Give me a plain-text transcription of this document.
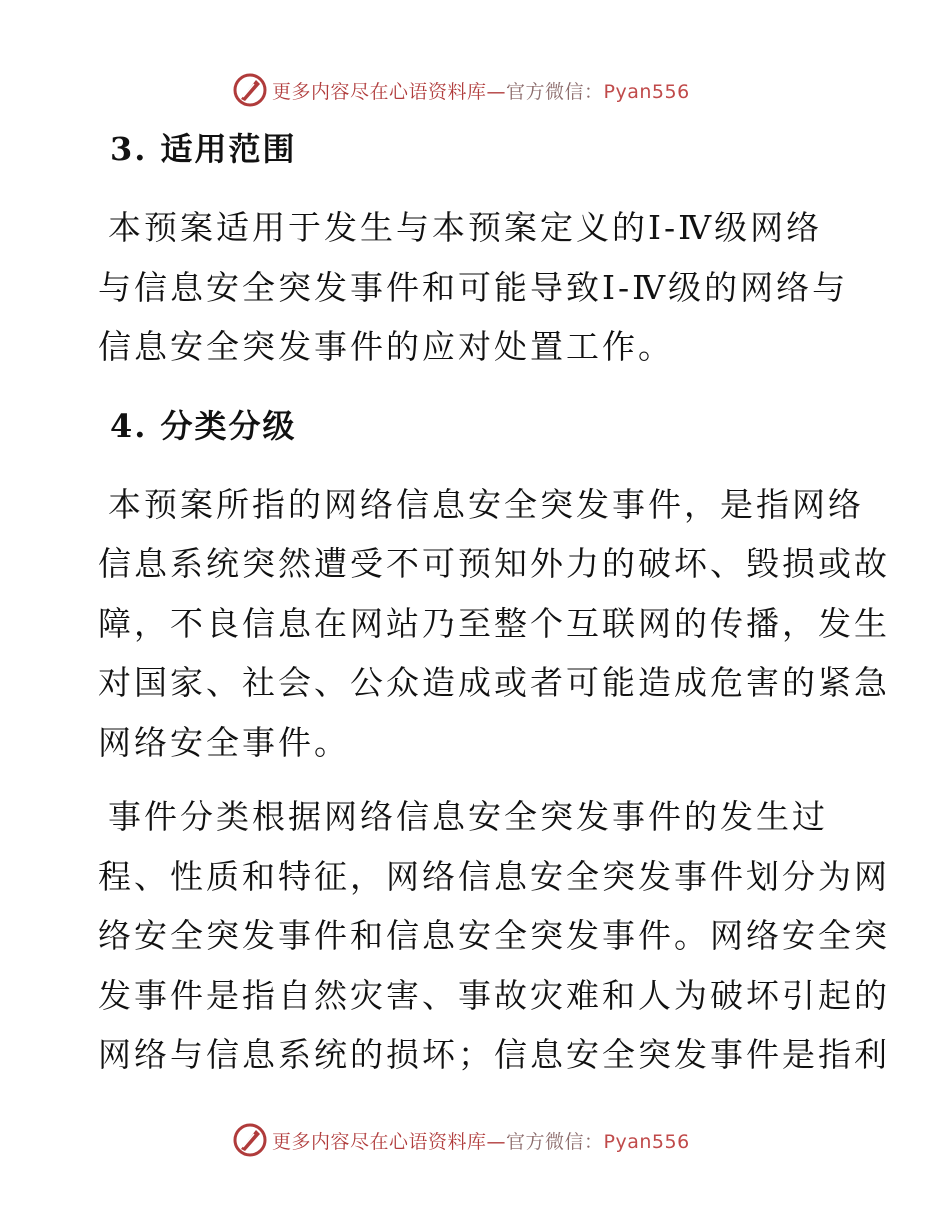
更多内容尽在心语资料库—官方微信：Pyan556
3. 适用范围

本预案适用于发生与本预案定义的Ⅰ-Ⅳ级网络
与信息安全突发事件和可能导致Ⅰ-Ⅳ级的网络与
信息安全突发事件的应对处置工作。

4. 分类分级

本预案所指的网络信息安全突发事件，是指网络
信息系统突然遭受不可预知外力的破坏、毁损或故
障，不良信息在网站乃至整个互联网的传播，发生
对国家、社会、公众造成或者可能造成危害的紧急
网络安全事件。

事件分类根据网络信息安全突发事件的发生过
程、性质和特征，网络信息安全突发事件划分为网
络安全突发事件和信息安全突发事件。网络安全突
发事件是指自然灾害、事故灾难和人为破坏引起的
网络与信息系统的损坏；信息安全突发事件是指利

更多内容尽在心语资料库—官方微信：Pyan556
